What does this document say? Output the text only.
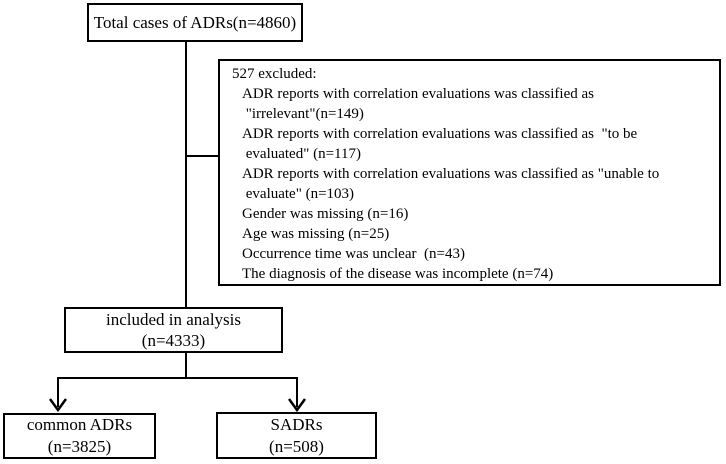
Total cases of ADRs(n=4860)
527 excluded:
ADR reports with correlation evaluations was classified as
"irrelevant"(n=149)
ADR reports with correlation evaluations was classified as  "to be
evaluated" (n=117)
ADR reports with correlation evaluations was classified as "unable to
evaluate" (n=103)
Gender was missing (n=16)
Age was missing (n=25)
Occurrence time was unclear  (n=43)
The diagnosis of the disease was incomplete (n=74)
included in analysis
(n=4333)
common ADRs
(n=3825)
SADRs
(n=508)
